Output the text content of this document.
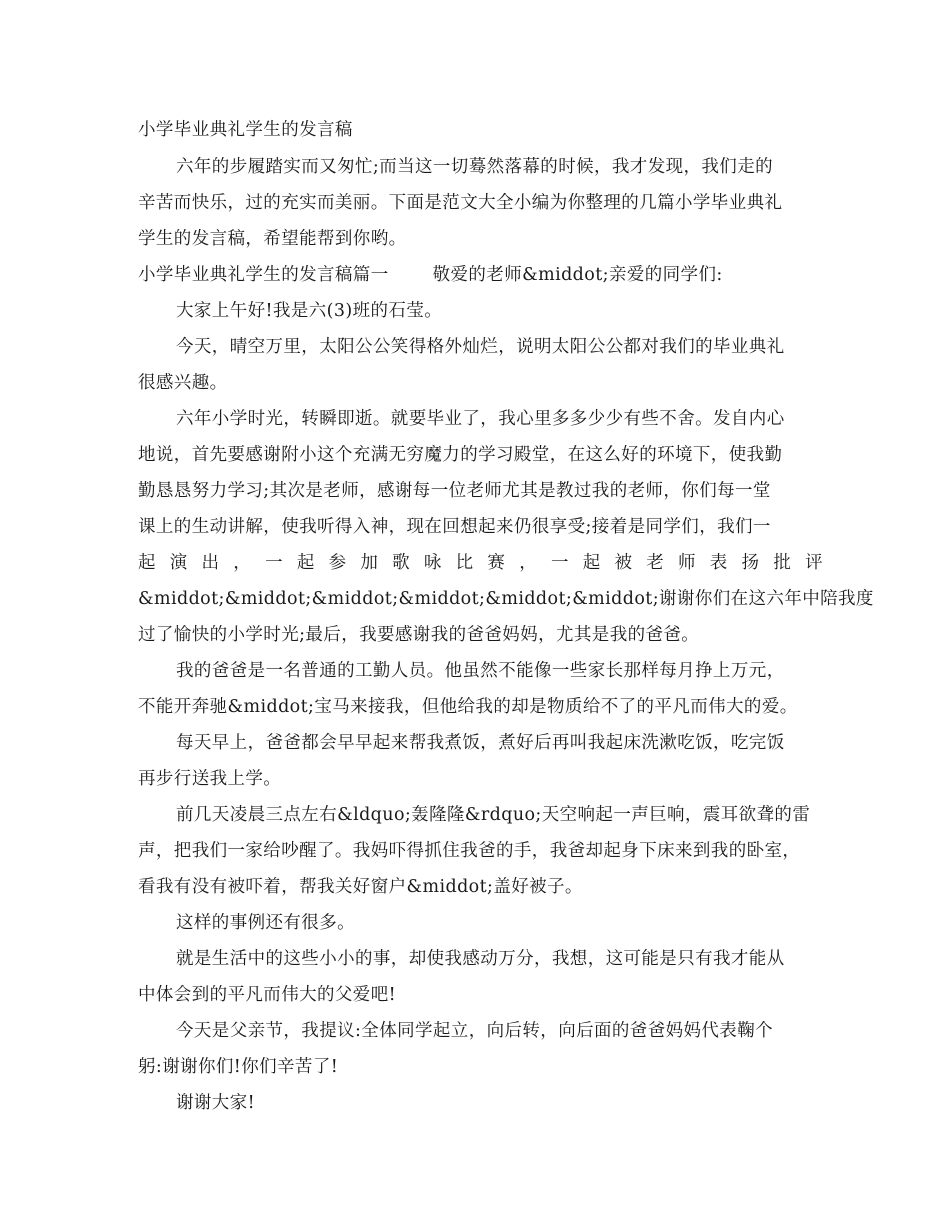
小学毕业典礼学生的发言稿
六年的步履踏实而又匆忙;而当这一切蓦然落幕的时候，我才发现，我们走的
辛苦而快乐，过的充实而美丽。下面是范文大全小编为你整理的几篇小学毕业典礼
学生的发言稿，希望能帮到你哟。
小学毕业典礼学生的发言稿篇一	敬爱的老师&middot;亲爱的同学们:
大家上午好!我是六(3)班的石莹。
今天，晴空万里，太阳公公笑得格外灿烂，说明太阳公公都对我们的毕业典礼
很感兴趣。
六年小学时光，转瞬即逝。就要毕业了，我心里多多少少有些不舍。发自内心
地说，首先要感谢附小这个充满无穷魔力的学习殿堂，在这么好的环境下，使我勤
勤恳恳努力学习;其次是老师，感谢每一位老师尤其是教过我的老师，你们每一堂
课上的生动讲解，使我听得入神，现在回想起来仍很享受;接着是同学们，我们一
起演出，一起参加歌咏比赛，一起被老师表扬批评
&middot;&middot;&middot;&middot;&middot;&middot;谢谢你们在这六年中陪我度
过了愉快的小学时光;最后，我要感谢我的爸爸妈妈，尤其是我的爸爸。
我的爸爸是一名普通的工勤人员。他虽然不能像一些家长那样每月挣上万元，
不能开奔驰&middot;宝马来接我，但他给我的却是物质给不了的平凡而伟大的爱。
每天早上，爸爸都会早早起来帮我煮饭，煮好后再叫我起床洗漱吃饭，吃完饭
再步行送我上学。
前几天凌晨三点左右&ldquo;轰隆隆&rdquo;天空响起一声巨响，震耳欲聋的雷
声，把我们一家给吵醒了。我妈吓得抓住我爸的手，我爸却起身下床来到我的卧室，
看我有没有被吓着，帮我关好窗户&middot;盖好被子。
这样的事例还有很多。
就是生活中的这些小小的事，却使我感动万分，我想，这可能是只有我才能从
中体会到的平凡而伟大的父爱吧!
今天是父亲节，我提议:全体同学起立，向后转，向后面的爸爸妈妈代表鞠个
躬:谢谢你们!你们辛苦了!
谢谢大家!
